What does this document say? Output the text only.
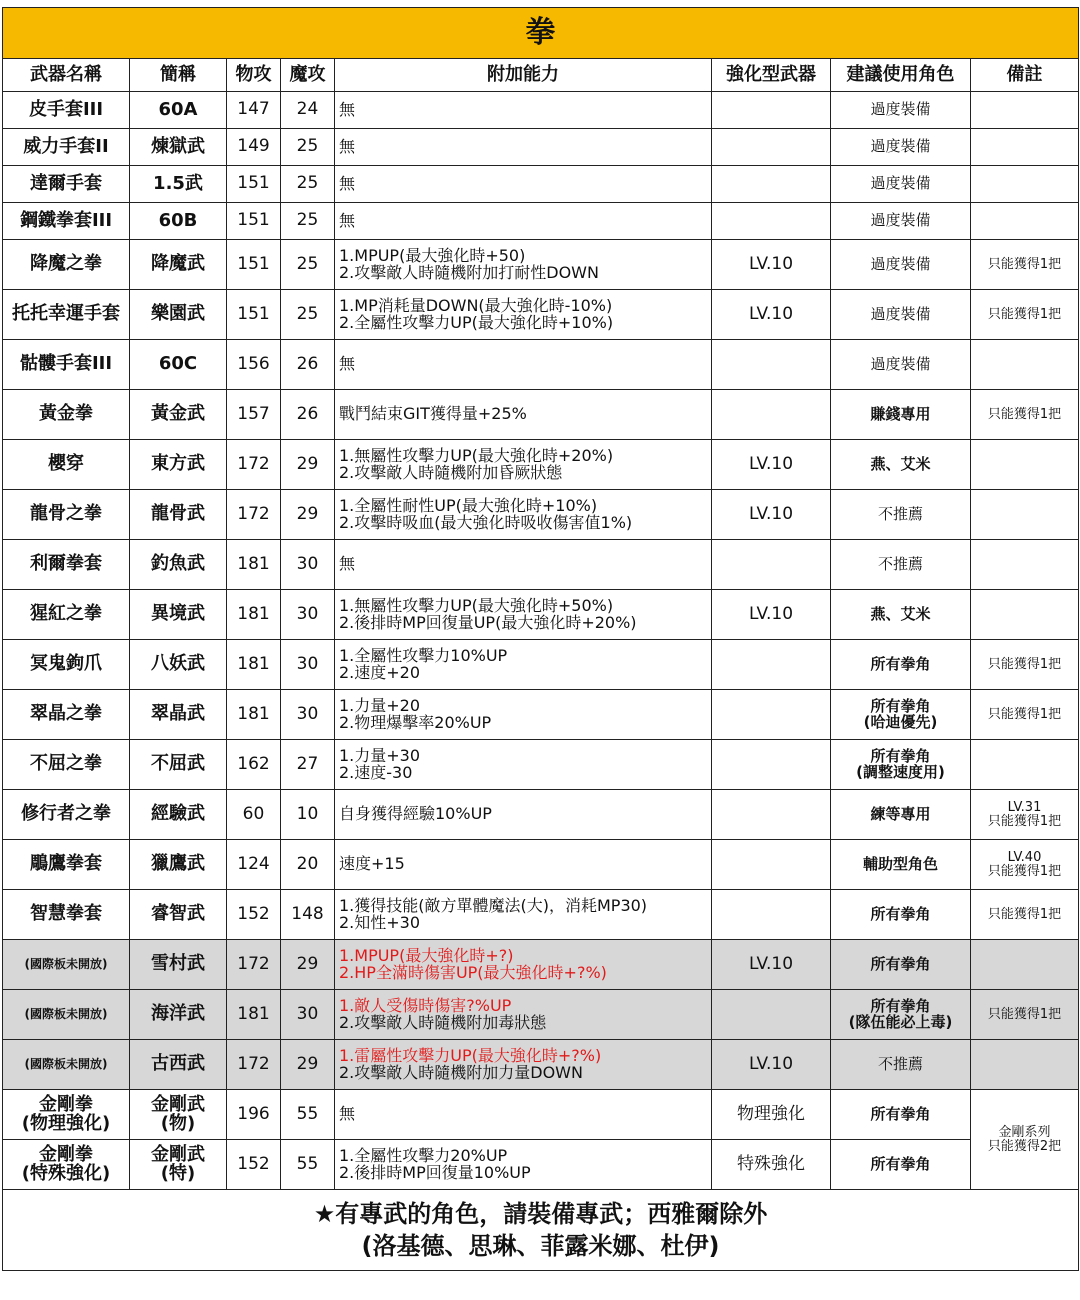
拳							
武器名稱	簡稱	物攻	魔攻	附加能力	強化型武器	建議使用角色	備註
皮手套III	60A	147	24	無		過度裝備	

威力手套II	煉獄武	149	25	無		過度裝備	

達爾手套	1.5武	151	25	無		過度裝備	

鋼鐵拳套III	60B	151	25	無		過度裝備	

降魔之拳	降魔武	151	25	1.MPUP(最大強化時+50)
2.攻擊敵人時隨機附加打耐性DOWN	LV.10	過度裝備	只能獲得1把

托托幸運手套	樂園武	151	25	1.MP消耗量DOWN(最大強化時-10%)
2.全屬性攻擊力UP(最大強化時+10%)	LV.10	過度裝備	只能獲得1把

骷髏手套III	60C	156	26	無		過度裝備	

黃金拳	黃金武	157	26	戰鬥結束GIT獲得量+25%		賺錢專用	只能獲得1把

櫻穿	東方武	172	29	1.無屬性攻擊力UP(最大強化時+20%)
2.攻擊敵人時隨機附加昏厥狀態	LV.10	燕、艾米	

龍骨之拳	龍骨武	172	29	1.全屬性耐性UP(最大強化時+10%)
2.攻擊時吸血(最大強化時吸收傷害值1%)	LV.10	不推薦	

利爾拳套	釣魚武	181	30	無		不推薦	

猩紅之拳	異境武	181	30	1.無屬性攻擊力UP(最大強化時+50%)
2.後排時MP回復量UP(最大強化時+20%)	LV.10	燕、艾米	

冥鬼鉤爪	八妖武	181	30	1.全屬性攻擊力10%UP
2.速度+20		所有拳角	只能獲得1把

翠晶之拳	翠晶武	181	30	1.力量+20
2.物理爆擊率20%UP		所有拳角
(哈迪優先)	只能獲得1把

不屈之拳	不屈武	162	27	1.力量+30
2.速度-30		所有拳角
(調整速度用)	

修行者之拳	經驗武	60	10	自身獲得經驗10%UP		練等專用	LV.31
只能獲得1把

鵰鷹拳套	獵鷹武	124	20	速度+15		輔助型角色	LV.40
只能獲得1把

智慧拳套	睿智武	152	148	1.獲得技能(敵方單體魔法(大)，消耗MP30)
2.知性+30		所有拳角	只能獲得1把

(國際板未開放)	雪村武	172	29	1.MPUP(最大強化時+?)
2.HP全滿時傷害UP(最大強化時+?%)	LV.10	所有拳角	

(國際板未開放)	海洋武	181	30	1.敵人受傷時傷害?%UP
2.攻擊敵人時隨機附加毒狀態		所有拳角
(隊伍能必上毒)	只能獲得1把

(國際板未開放)	古西武	172	29	1.雷屬性攻擊力UP(最大強化時+?%)
2.攻擊敵人時隨機附加力量DOWN	LV.10	不推薦	

金剛拳
(物理強化)	金剛武
(物)	196	55	無	物理強化	所有拳角	金剛系列
只能獲得2把

金剛拳
(特殊強化)	金剛武
(特)	152	55	1.全屬性攻擊力20%UP
2.後排時MP回復量10%UP	特殊強化	所有拳角	

★有專武的角色，請裝備專武；西雅爾除外
(洛基德、思琳、菲露米娜、杜伊)							
